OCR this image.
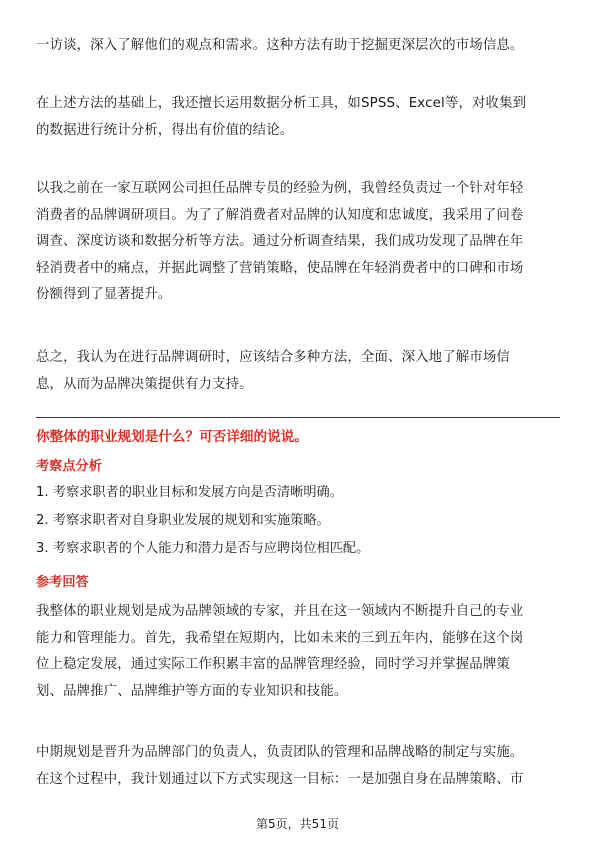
一访谈，深入了解他们的观点和需求。这种方法有助于挖掘更深层次的市场信息。

在上述方法的基础上，我还擅长运用数据分析工具，如SPSS、Excel等，对收集到
的数据进行统计分析，得出有价值的结论。

以我之前在一家互联网公司担任品牌专员的经验为例，我曾经负责过一个针对年轻
消费者的品牌调研项目。为了了解消费者对品牌的认知度和忠诚度，我采用了问卷
调查、深度访谈和数据分析等方法。通过分析调查结果，我们成功发现了品牌在年
轻消费者中的痛点，并据此调整了营销策略，使品牌在年轻消费者中的口碑和市场
份额得到了显著提升。

总之，我认为在进行品牌调研时，应该结合多种方法，全面、深入地了解市场信
息，从而为品牌决策提供有力支持。

你整体的职业规划是什么？可否详细的说说。
考察点分析
1. 考察求职者的职业目标和发展方向是否清晰明确。
2. 考察求职者对自身职业发展的规划和实施策略。
3. 考察求职者的个人能力和潜力是否与应聘岗位相匹配。
参考回答

我整体的职业规划是成为品牌领域的专家，并且在这一领域内不断提升自己的专业
能力和管理能力。首先，我希望在短期内，比如未来的三到五年内，能够在这个岗
位上稳定发展，通过实际工作积累丰富的品牌管理经验，同时学习并掌握品牌策
划、品牌推广、品牌维护等方面的专业知识和技能。

中期规划是晋升为品牌部门的负责人，负责团队的管理和品牌战略的制定与实施。
在这个过程中，我计划通过以下方式实现这一目标：一是加强自身在品牌策略、市

第5页，共51页
